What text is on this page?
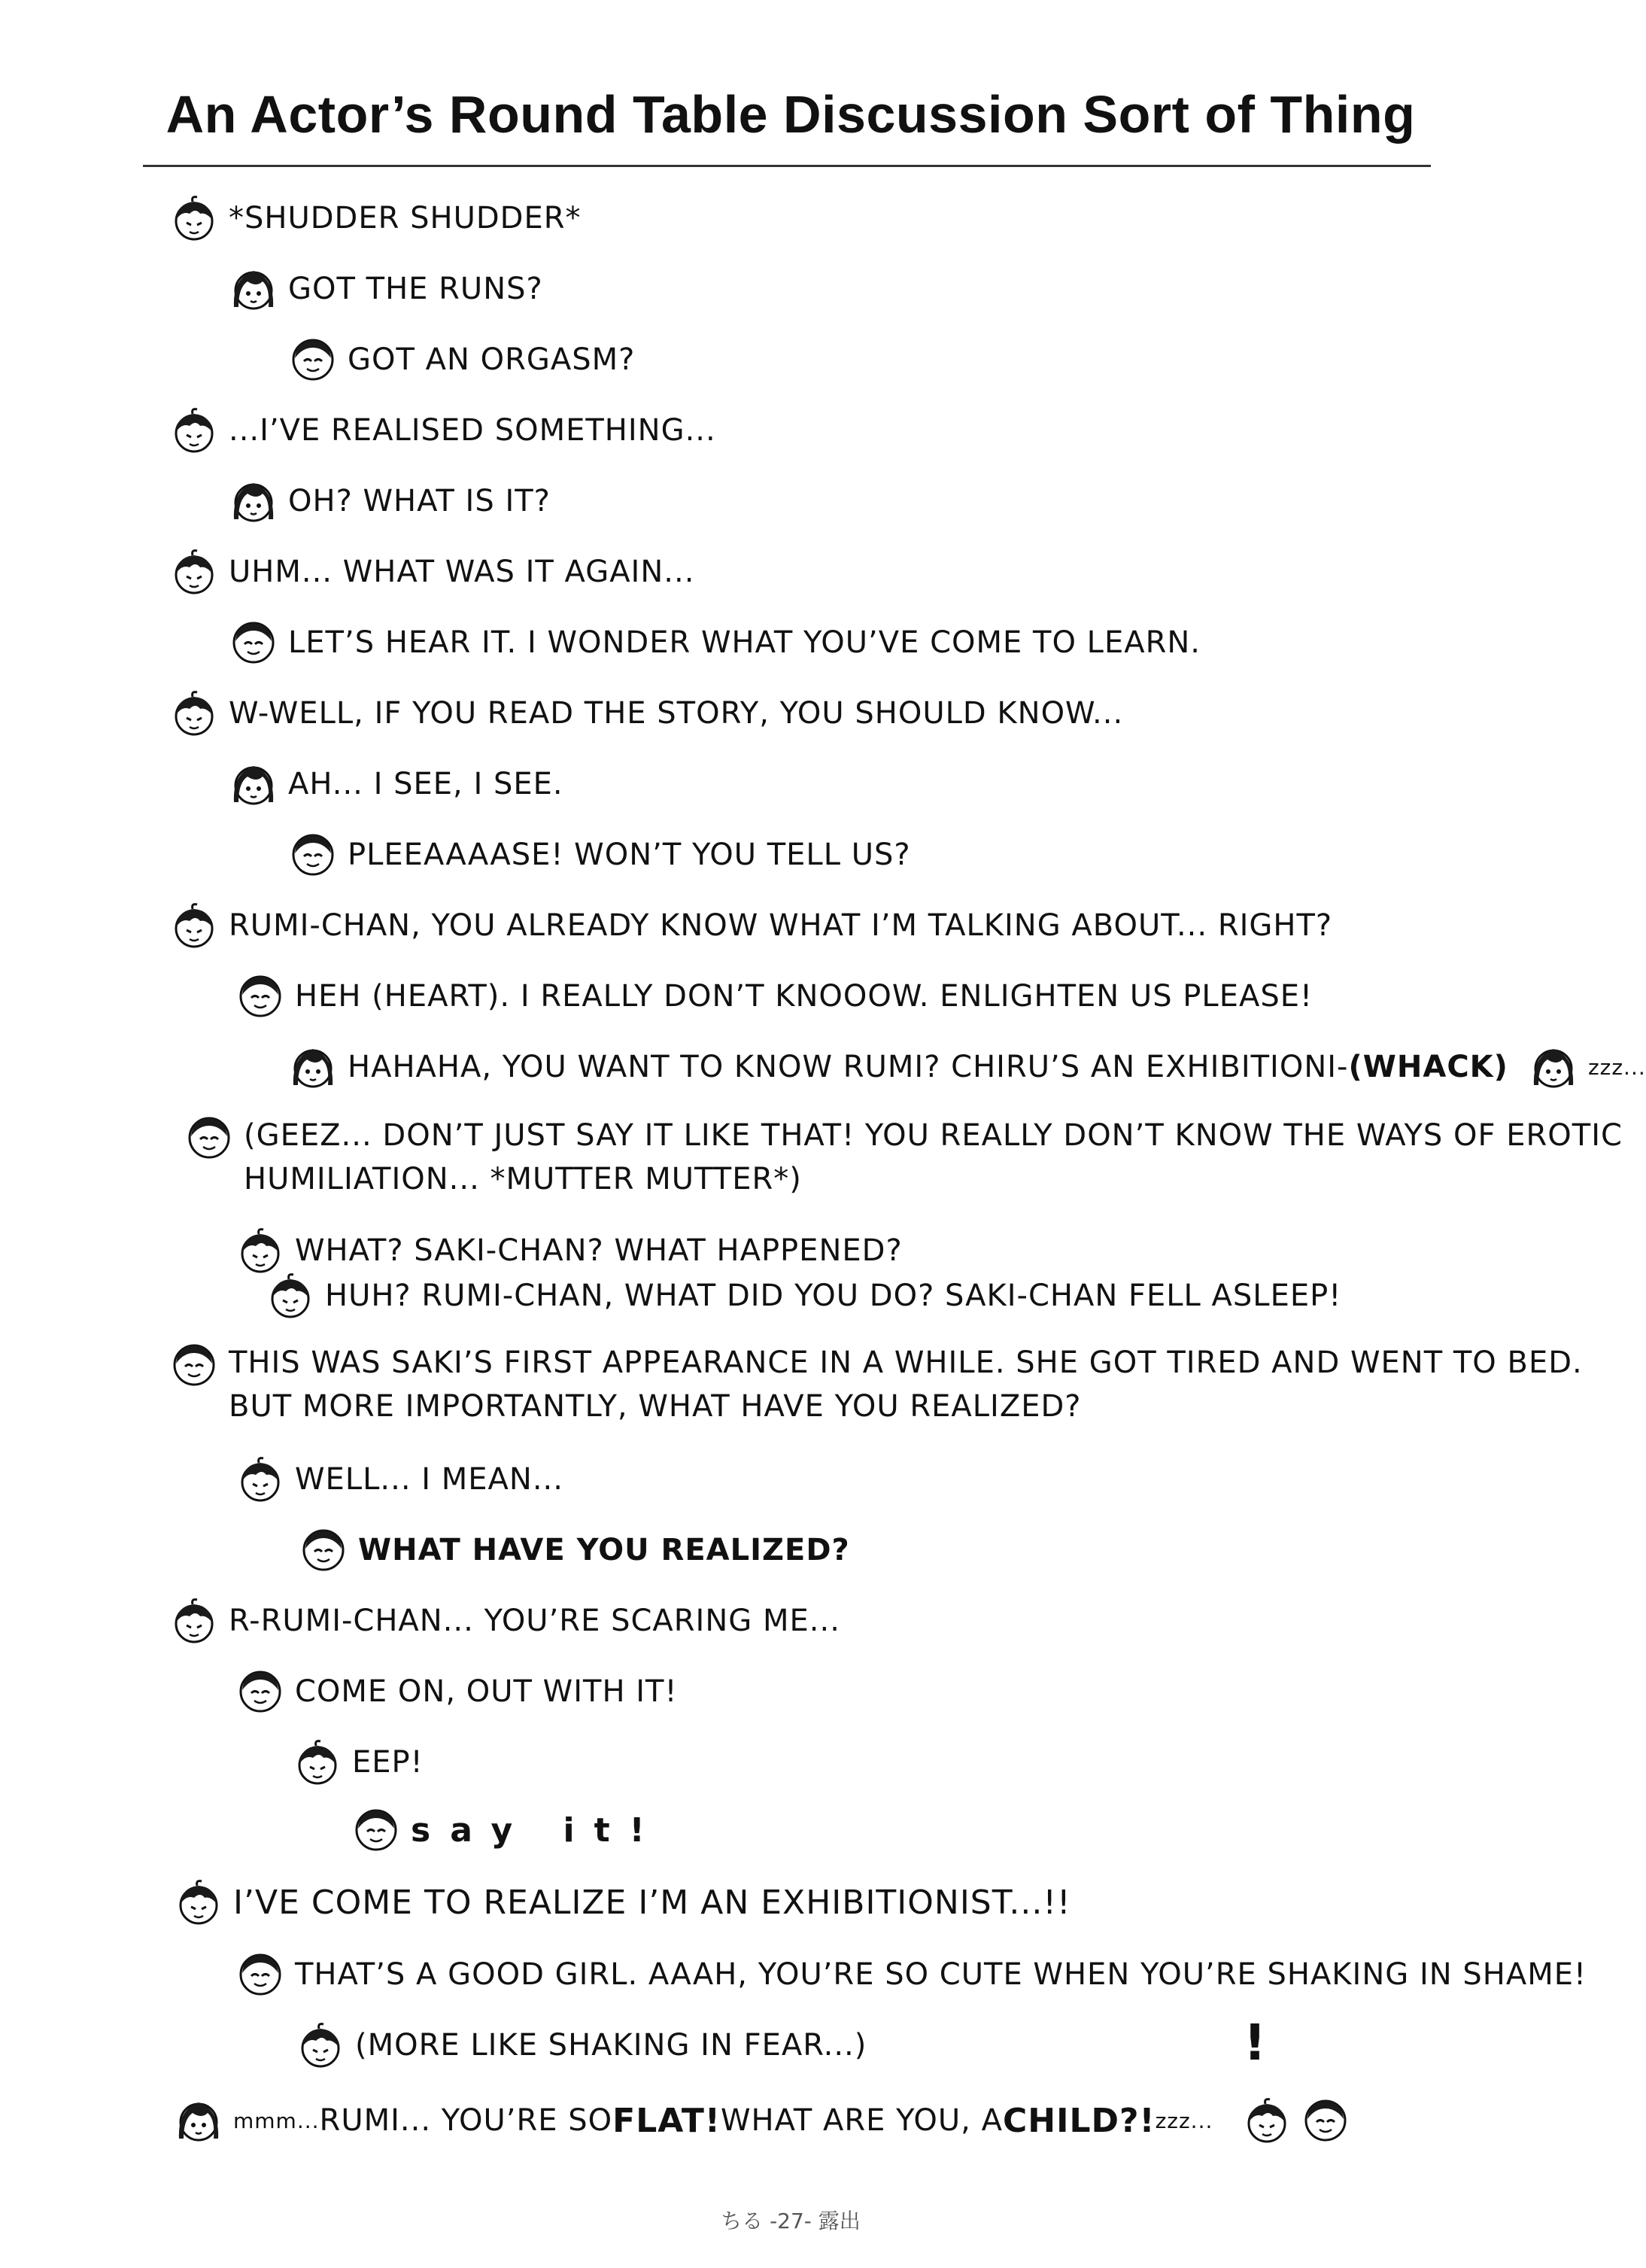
An Actor’s Round Table Discussion Sort of Thing
*SHUDDER SHUDDER*
GOT THE RUNS?
GOT AN ORGASM?
...I’VE REALISED SOMETHING...
OH? WHAT IS IT?
UHM... WHAT WAS IT AGAIN...
LET’S HEAR IT. I WONDER WHAT YOU’VE COME TO LEARN.
W-WELL, IF YOU READ THE STORY, YOU SHOULD KNOW...
AH... I SEE, I SEE.
PLEEAAAASE! WON’T YOU TELL US?
RUMI-CHAN, YOU ALREADY KNOW WHAT I’M TALKING ABOUT... RIGHT?
HEH (HEART). I REALLY DON’T KNOOOW. ENLIGHTEN US PLEASE!
HAHAHA, YOU WANT TO KNOW RUMI? CHIRU’S AN EXHIBITIONI- (WHACK)	zzz...
(GEEZ... DON’T JUST SAY IT LIKE THAT! YOU REALLY DON’T KNOW THE WAYS OF EROTIC
HUMILIATION... *MUTTER MUTTER*)
WHAT? SAKI-CHAN? WHAT HAPPENED?
HUH? RUMI-CHAN, WHAT DID YOU DO? SAKI-CHAN FELL ASLEEP!
THIS WAS SAKI’S FIRST APPEARANCE IN A WHILE. SHE GOT TIRED AND WENT TO BED.
BUT MORE IMPORTANTLY, WHAT HAVE YOU REALIZED?
WELL... I MEAN...
WHAT HAVE YOU REALIZED?
R-RUMI-CHAN... YOU’RE SCARING ME...
COME ON, OUT WITH IT!
EEP!
say it!
I’VE COME TO REALIZE I’M AN EXHIBITIONIST...!!
THAT’S A GOOD GIRL. AAAH, YOU’RE SO CUTE WHEN YOU’RE SHAKING IN SHAME!
(MORE LIKE SHAKING IN FEAR...)
mmm... RUMI... YOU’RE SO FLAT! WHAT ARE YOU, A CHILD?! zzz...
!
ちる -27- 露出
